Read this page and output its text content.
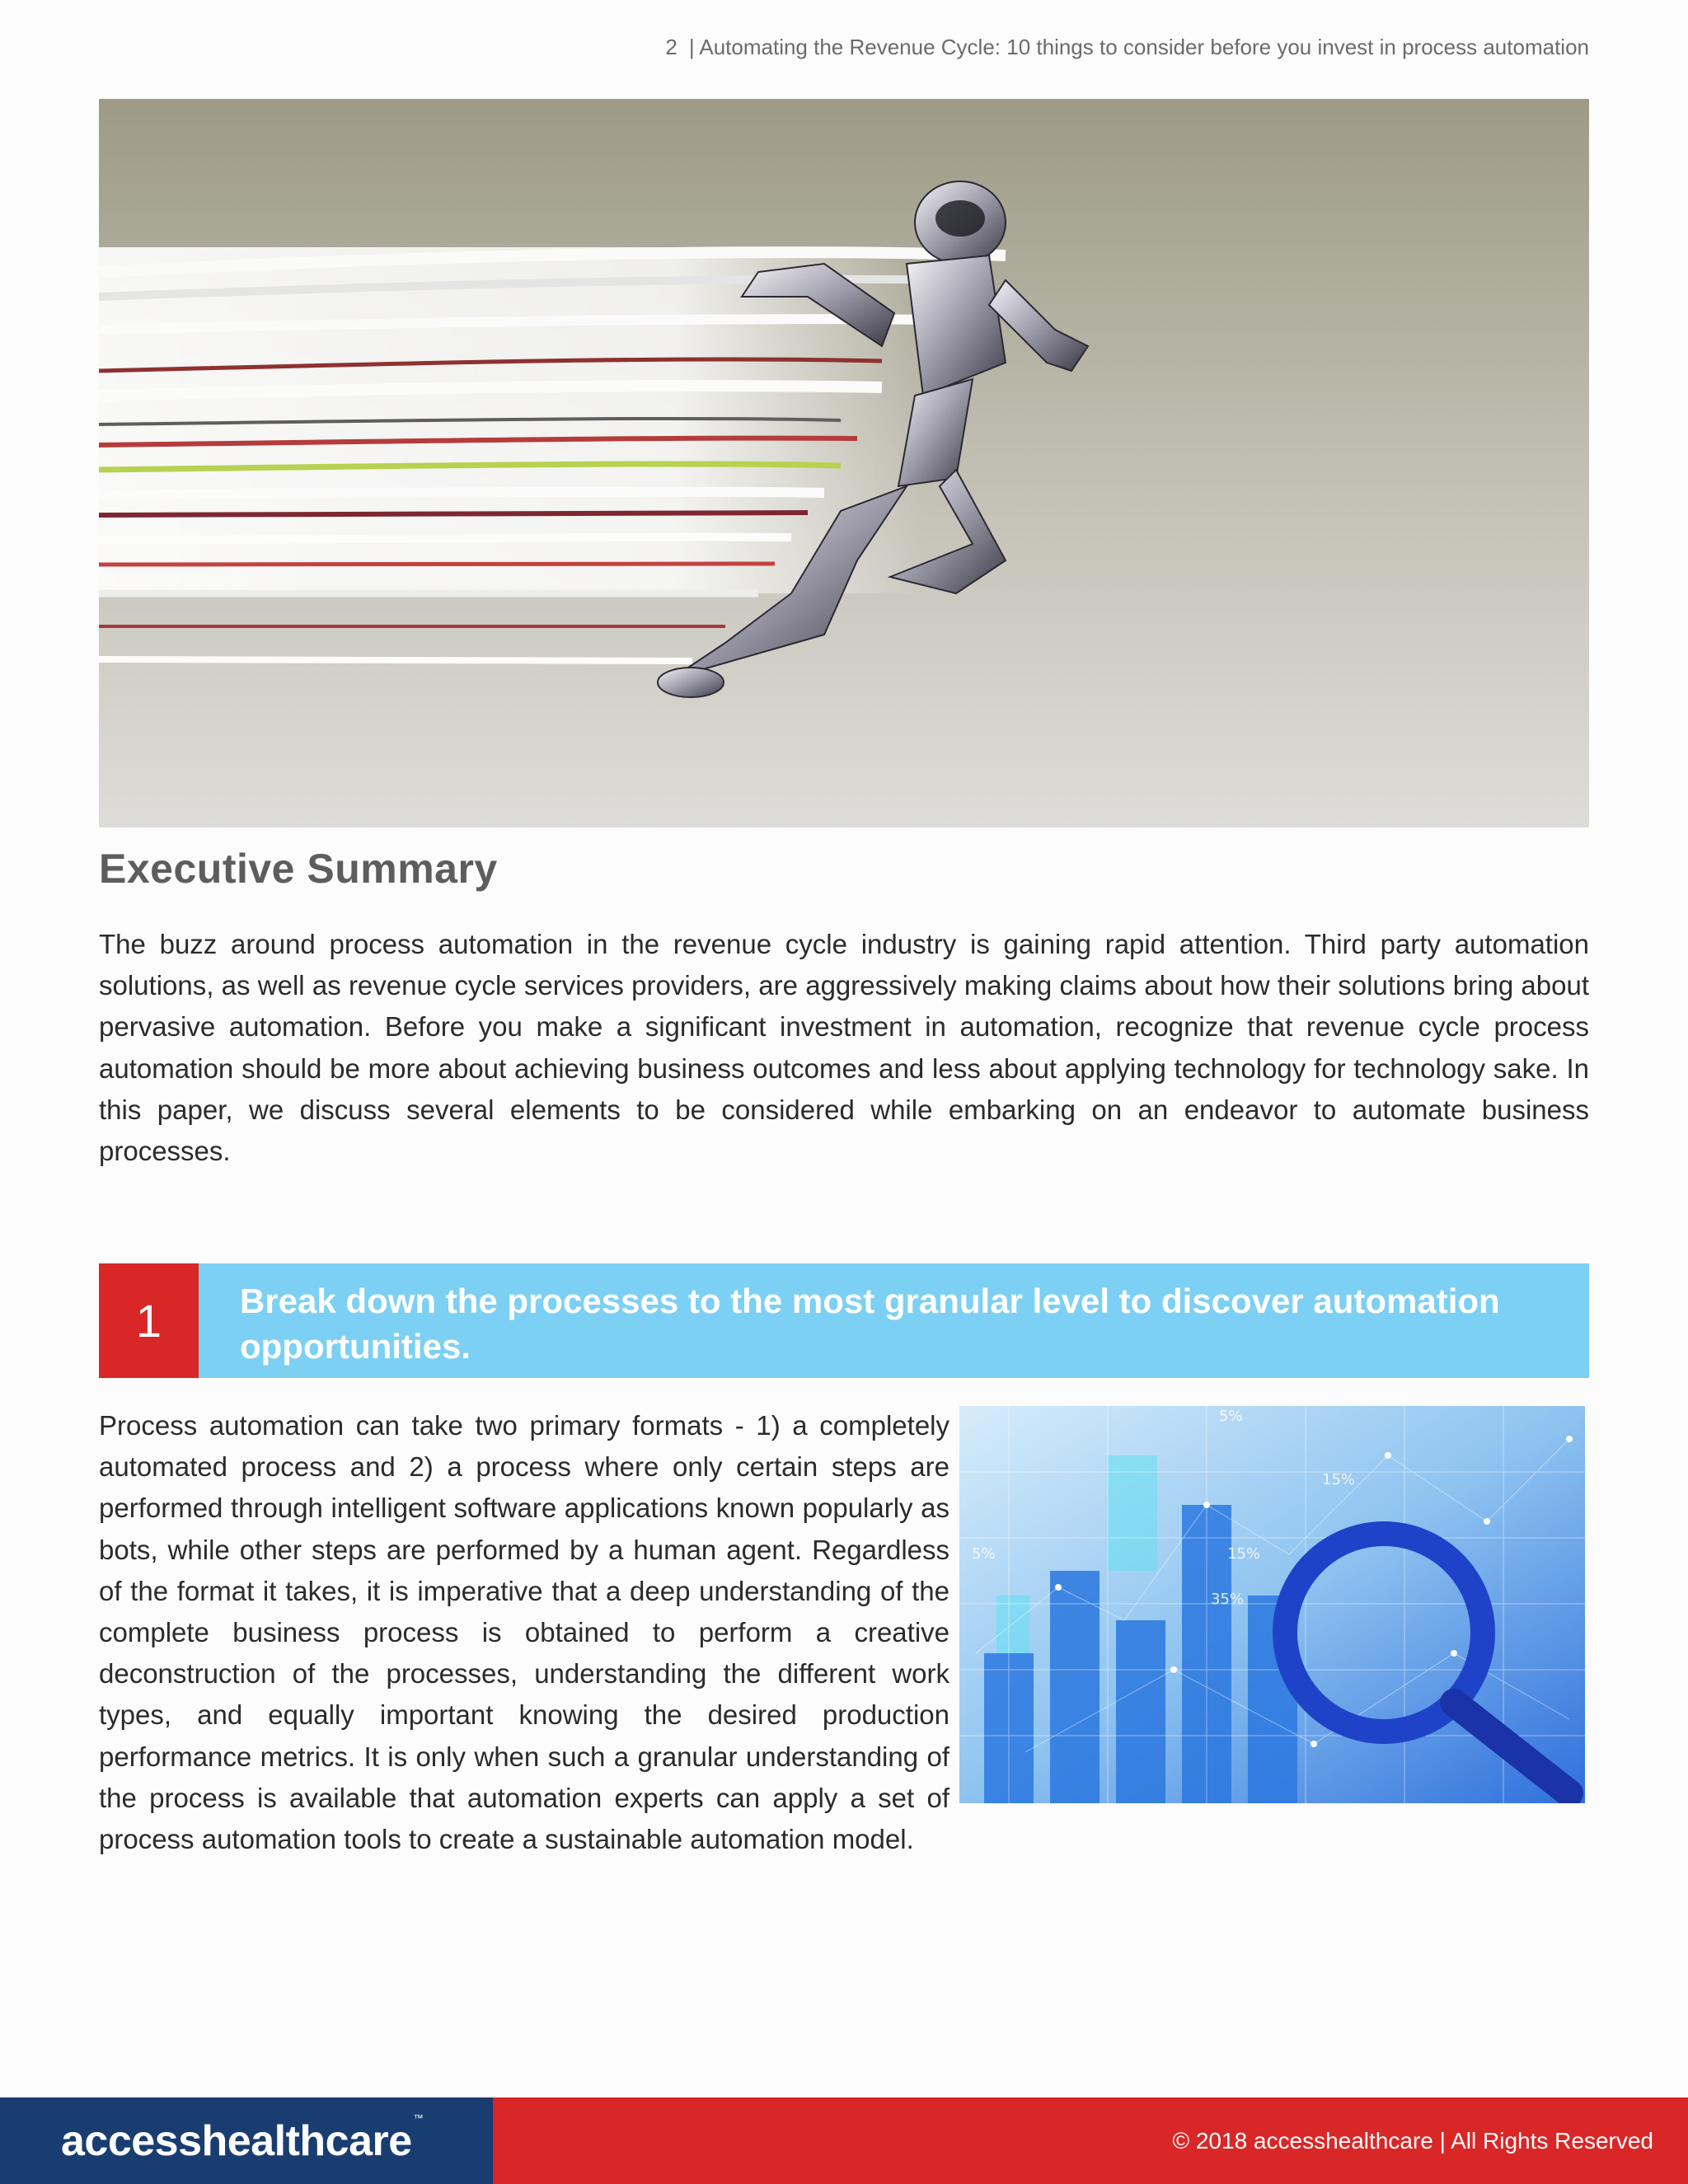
2 | Automating the Revenue Cycle: 10 things to consider before you invest in process automation
Executive Summary

The buzz around process automation in the revenue cycle industry is gaining rapid attention. Third party automation solutions, as well as revenue cycle services providers, are aggressively making claims about how their solutions bring about pervasive automation. Before you make a significant investment in automation, recognize that revenue cycle process automation should be more about achieving business outcomes and less about applying technology for technology sake. In this paper, we discuss several elements to be considered while embarking on an endeavor to automate business processes.

1	Break down the processes to the most granular level to discover automation opportunities.

Process automation can take two primary formats - 1) a completely automated process and 2) a process where only certain steps are performed through intelligent software applications known popularly as bots, while other steps are performed by a human agent. Regardless of the format it takes, it is imperative that a deep understanding of the complete business process is obtained to perform a creative deconstruction of the processes, understanding the different work types, and equally important knowing the desired production performance metrics. It is only when such a granular understanding of the process is available that automation experts can apply a set of process automation tools to create a sustainable automation model.

5%
15%
5%	15%
35%
accesshealthcare ™
© 2018 accesshealthcare | All Rights Reserved
